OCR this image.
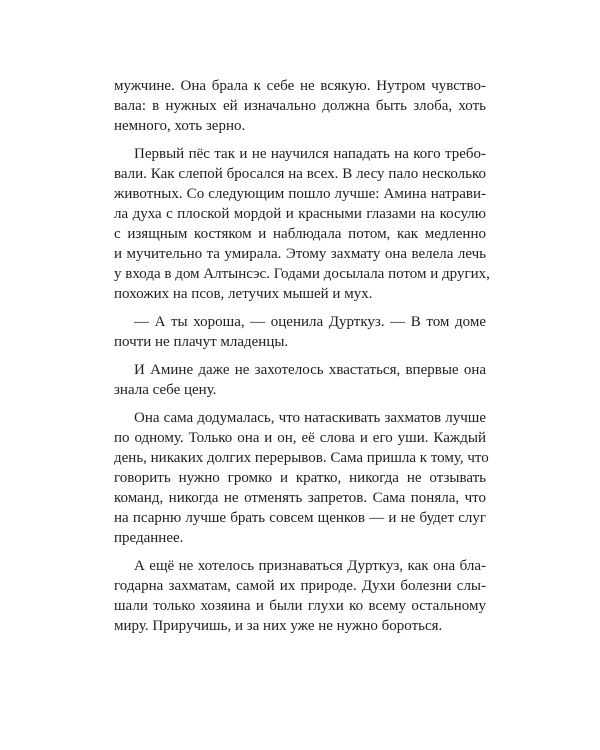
мужчине. Она брала к себе не всякую. Нутром чувство-
вала: в нужных ей изначально должна быть злоба, хоть
немного, хоть зерно.
Первый пёс так и не научился нападать на кого требо-
вали. Как слепой бросался на всех. В лесу пало несколько
животных. Со следующим пошло лучше: Амина натрави-
ла духа с плоской мордой и красными глазами на косулю
с изящным костяком и наблюдала потом, как медленно
и мучительно та умирала. Этому захмату она велела лечь
у входа в дом Алтынсэс. Годами досылала потом и других,
похожих на псов, летучих мышей и мух.
— А ты хороша, — оценила Дурткуз. — В том доме
почти не плачут младенцы.
И Амине даже не захотелось хвастаться, впервые она
знала себе цену.
Она сама додумалась, что натаскивать захматов лучше
по одному. Только она и он, её слова и его уши. Каждый
день, никаких долгих перерывов. Сама пришла к тому, что
говорить нужно громко и кратко, никогда не отзывать
команд, никогда не отменять запретов. Сама поняла, что
на псарню лучше брать совсем щенков — и не будет слуг
преданнее.
А ещё не хотелось признаваться Дурткуз, как она бла-
годарна захматам, самой их природе. Духи болезни слы-
шали только хозяина и были глухи ко всему остальному
миру. Приручишь, и за них уже не нужно бороться.
